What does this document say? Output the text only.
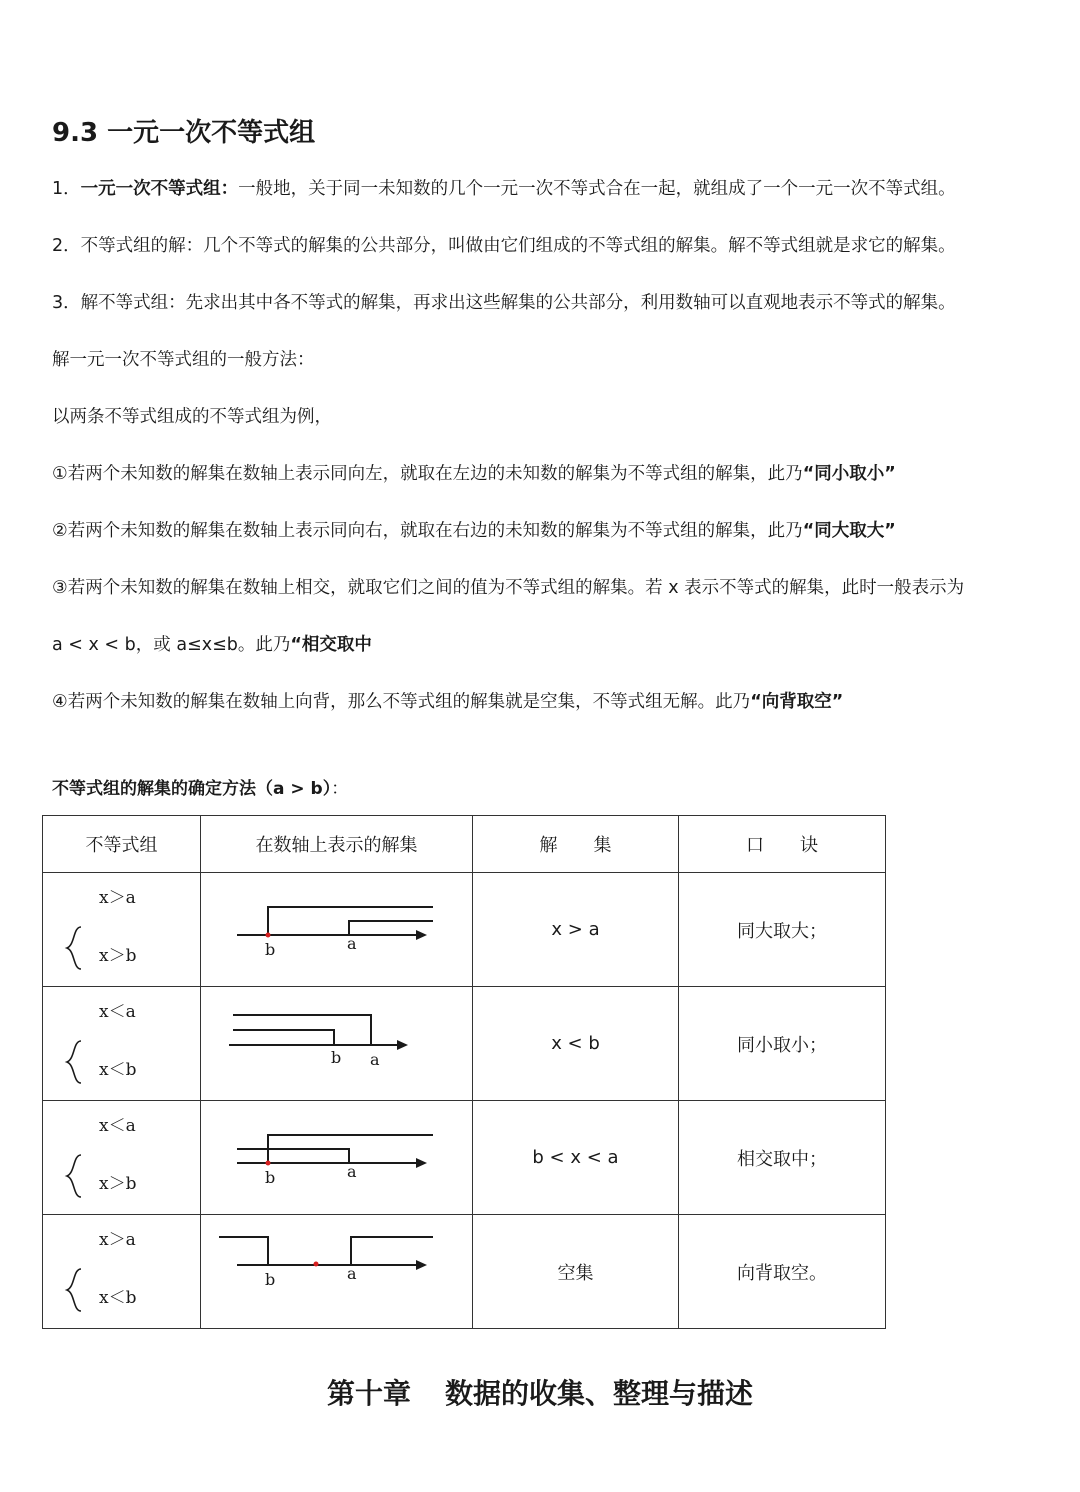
9.3 一元一次不等式组

1．一元一次不等式组：一般地，关于同一未知数的几个一元一次不等式合在一起，就组成了一个一元一次不等式组。

2．不等式组的解：几个不等式的解集的公共部分，叫做由它们组成的不等式组的解集。解不等式组就是求它的解集。

3．解不等式组：先求出其中各不等式的解集，再求出这些解集的公共部分，利用数轴可以直观地表示不等式的解集。

解一元一次不等式组的一般方法：

以两条不等式组成的不等式组为例，

①若两个未知数的解集在数轴上表示同向左，就取在左边的未知数的解集为不等式组的解集，此乃“同小取小”

②若两个未知数的解集在数轴上表示同向右，就取在右边的未知数的解集为不等式组的解集，此乃“同大取大”

③若两个未知数的解集在数轴上相交，就取它们之间的值为不等式组的解集。若 x 表示不等式的解集，此时一般表示为

a < x < b，或 a≤x≤b。此乃“相交取中

④若两个未知数的解集在数轴上向背，那么不等式组的解集就是空集，不等式组无解。此乃“向背取空”

不等式组的解集的确定方法（a > b）：

不等式组	在数轴上表示的解集	解　　集	口　　诀

x＞a
x＞b	b a	x > a	同大取大；

x＜a
x＜b	b a	x < b	同小取小；

x＜a
x＞b	b a	b < x < a	相交取中；

x＞a
x＜b	b a	空集	向背取空。
第十章 数据的收集、整理与描述
